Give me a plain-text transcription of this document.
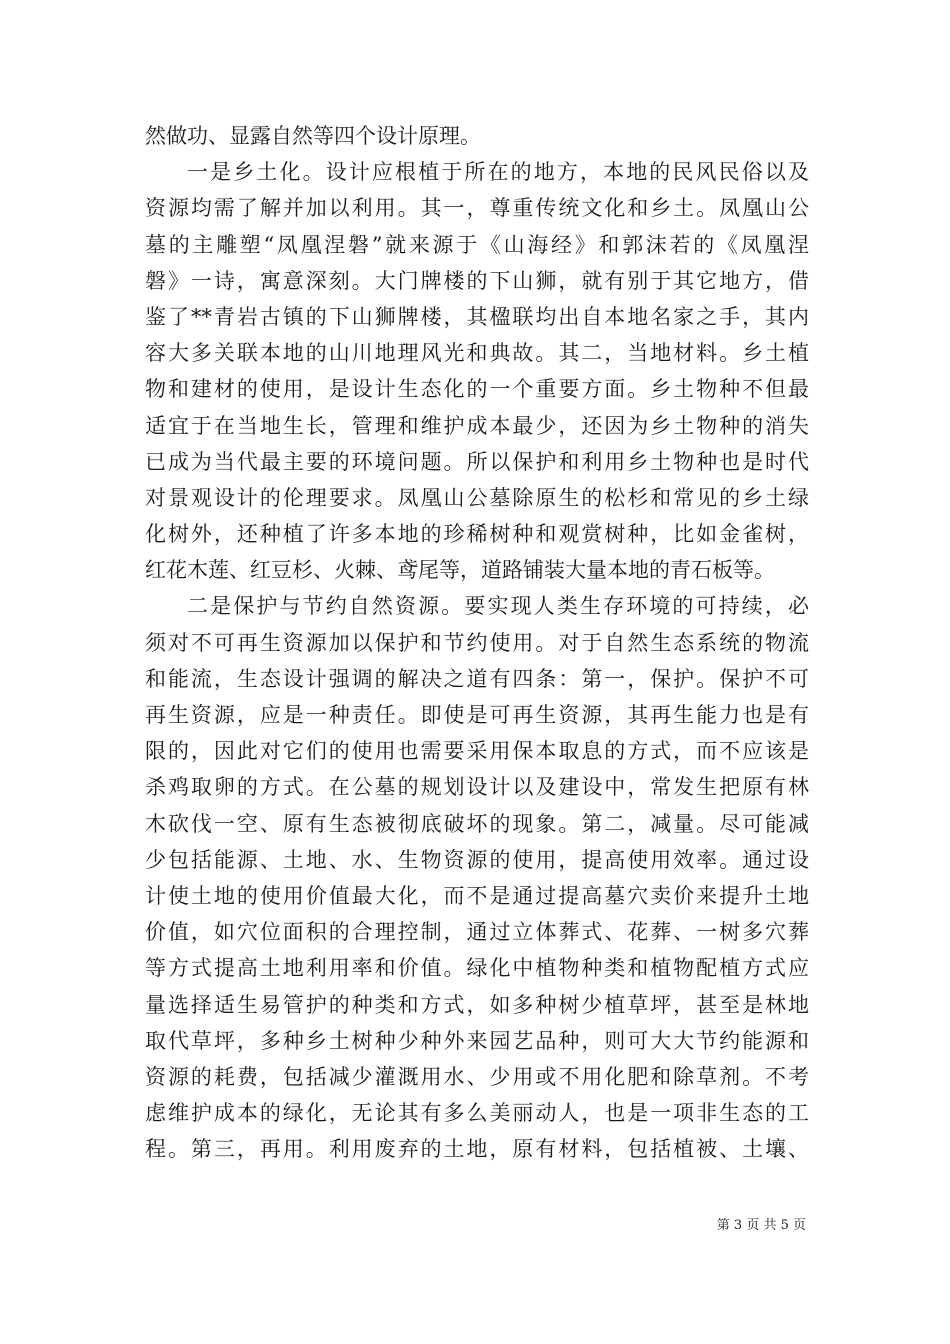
然做功、显露自然等四个设计原理。
一是乡土化。设计应根植于所在的地方，本地的民风民俗以及
资源均需了解并加以利用。其一，尊重传统文化和乡土。凤凰山公
墓的主雕塑“凤凰涅磐”就来源于《山海经》和郭沫若的《凤凰涅
磐》一诗，寓意深刻。大门牌楼的下山狮，就有别于其它地方，借
鉴了**青岩古镇的下山狮牌楼，其楹联均出自本地名家之手，其内
容大多关联本地的山川地理风光和典故。其二，当地材料。乡土植
物和建材的使用，是设计生态化的一个重要方面。乡土物种不但最
适宜于在当地生长，管理和维护成本最少，还因为乡土物种的消失
已成为当代最主要的环境问题。所以保护和利用乡土物种也是时代
对景观设计的伦理要求。凤凰山公墓除原生的松杉和常见的乡土绿
化树外，还种植了许多本地的珍稀树种和观赏树种，比如金雀树，
红花木莲、红豆杉、火棘、鸢尾等，道路铺装大量本地的青石板等。
二是保护与节约自然资源。要实现人类生存环境的可持续，必
须对不可再生资源加以保护和节约使用。对于自然生态系统的物流
和能流，生态设计强调的解决之道有四条：第一，保护。保护不可
再生资源，应是一种责任。即使是可再生资源，其再生能力也是有
限的，因此对它们的使用也需要采用保本取息的方式，而不应该是
杀鸡取卵的方式。在公墓的规划设计以及建设中，常发生把原有林
木砍伐一空、原有生态被彻底破坏的现象。第二，减量。尽可能减
少包括能源、土地、水、生物资源的使用，提高使用效率。通过设
计使土地的使用价值最大化，而不是通过提高墓穴卖价来提升土地
价值，如穴位面积的合理控制，通过立体葬式、花葬、一树多穴葬
等方式提高土地利用率和价值。绿化中植物种类和植物配植方式应
量选择适生易管护的种类和方式，如多种树少植草坪，甚至是林地
取代草坪，多种乡土树种少种外来园艺品种，则可大大节约能源和
资源的耗费，包括减少灌溉用水、少用或不用化肥和除草剂。不考
虑维护成本的绿化，无论其有多么美丽动人，也是一项非生态的工
程。第三，再用。利用废弃的土地，原有材料，包括植被、土壤、
第 3 页 共 5 页
